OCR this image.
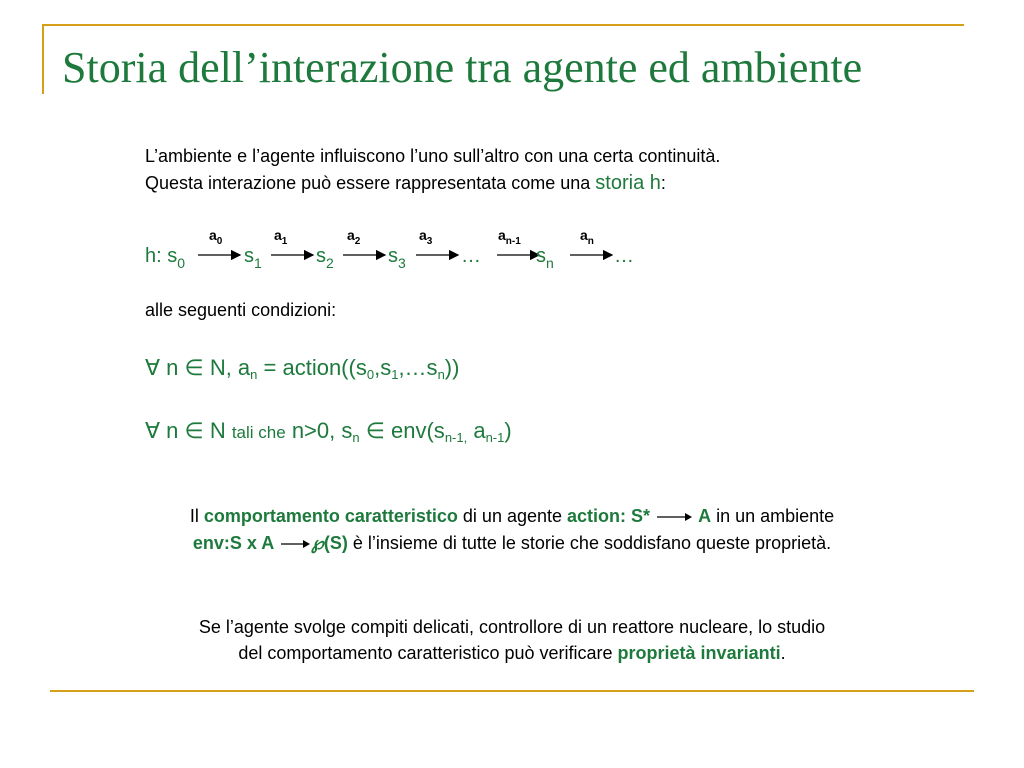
Storia dell’interazione tra agente ed ambiente
L’ambiente e l’agente influiscono l’uno sull’altro con una certa continuità.
Questa interazione può essere rappresentata come una storia h:
h: $s_0$
$a_0$
$s_1$
$a_1$
$s_2$
$a_2$
$s_3$
$a_3$
…
$a_{n-1}$
$s_n$
$a_n$
…
alle seguenti condizioni:
∀ n ∈ N, $a_n$ = $action((s_0,s_1,\dots s_n))$
∀ n ∈ N tali che n>0, $s_n$ ∈ $env(s_{n-1,}$ $a_{n-1}$)
Il comportamento caratteristico di un agente action: S*	A in un ambiente
env:S x A ℘(S) è l’insieme di tutte le storie che soddisfano queste proprietà.
Se l’agente svolge compiti delicati, controllore di un reattore nucleare, lo studio
del comportamento caratteristico può verificare proprietà invarianti.
